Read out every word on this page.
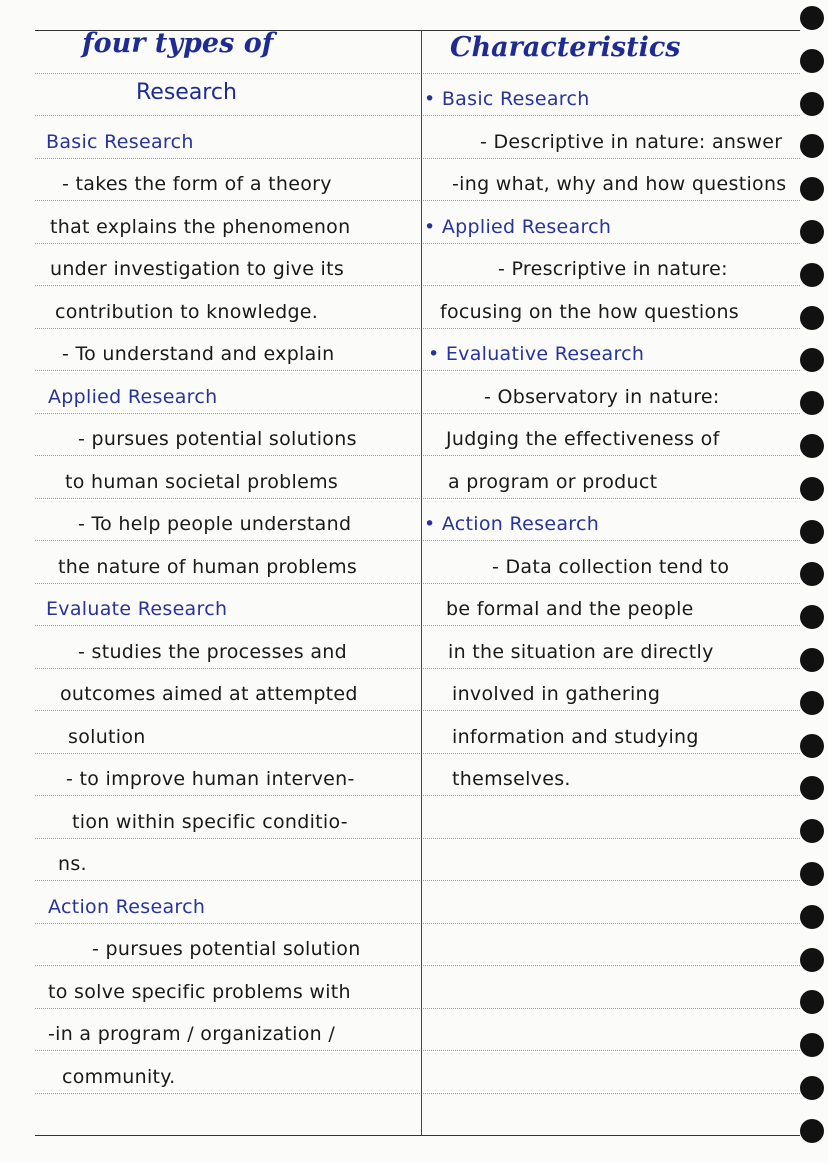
four types of
Research
Characteristics
Basic Research
- takes the form of a theory
that explains the phenomenon
under investigation to give its
contribution to knowledge.
- To understand and explain
Applied Research
- pursues potential solutions
to human societal problems
- To help people understand
the nature of human problems
Evaluate Research
- studies the processes and
outcomes aimed at attempted
solution
- to improve human interven-
tion within specific conditio-
ns.
Action Research
- pursues potential solution
to solve specific problems with
-in a program / organization /
community.
• Basic Research
- Descriptive in nature: answer
-ing what, why and how questions
• Applied Research
- Prescriptive in nature:
focusing on the how questions
• Evaluative Research
- Observatory in nature:
Judging the effectiveness of
a program or product
• Action Research
- Data collection tend to
be formal and the people
in the situation are directly
involved in gathering
information and studying
themselves.
